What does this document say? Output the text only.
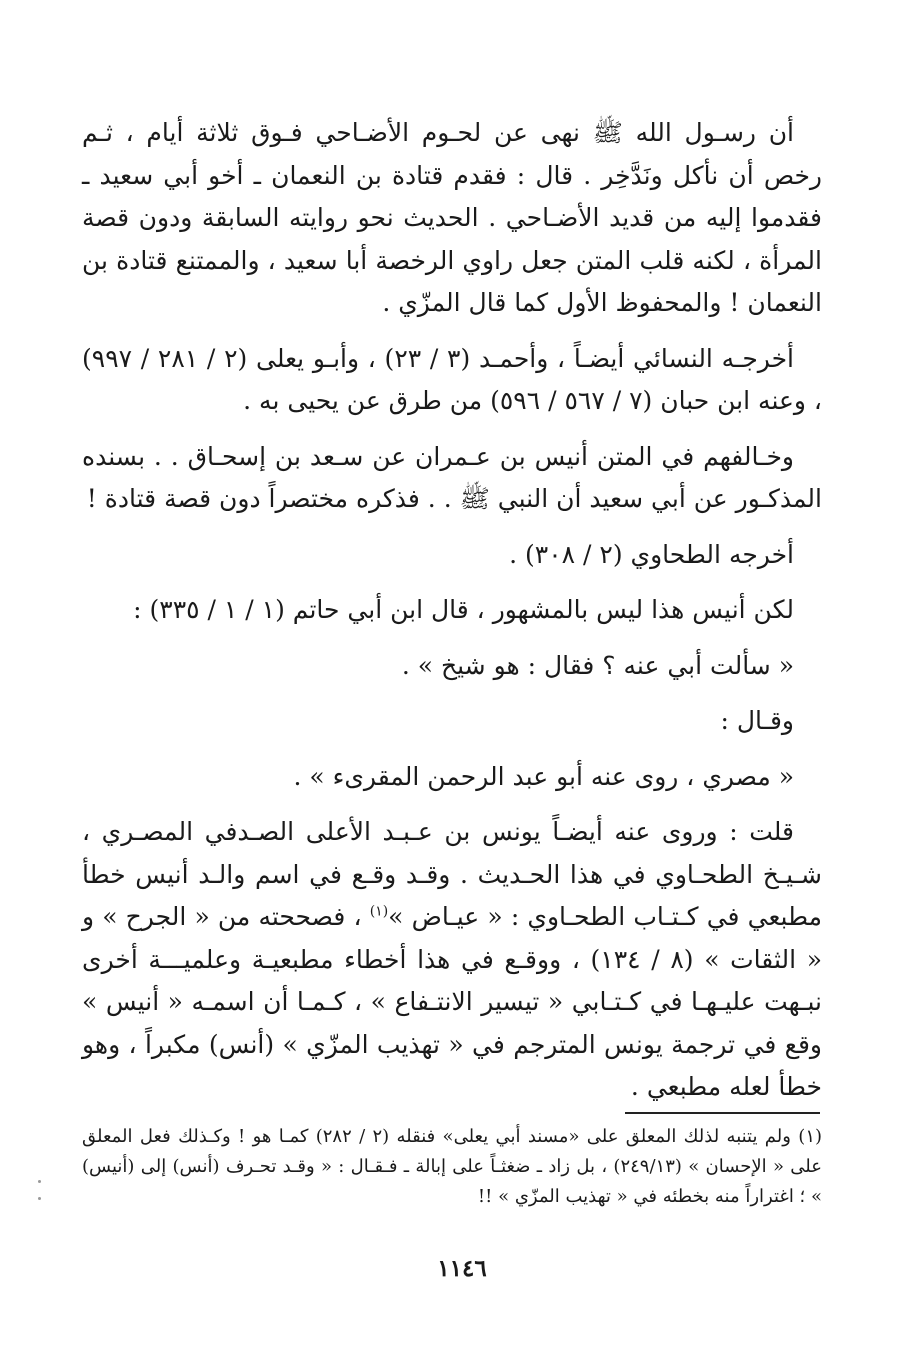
أن رسـول الله ﷺ نهى عن لحـوم الأضـاحي فـوق ثلاثة أيام ، ثـم رخص أن نأكل ونَدَّخِر . قال : فقدم قتادة بن النعمان ـ أخو أبي سعيد ـ فقدموا إليه من قديد الأضـاحي . الحديث نحو روايته السابقة ودون قصة المرأة ، لكنه قلب المتن جعل راوي الرخصة أبا سعيد ، والممتنع قتادة بن النعمان ! والمحفوظ الأول كما قال المزّي .

أخرجـه النسائي أيضـاً ، وأحمـد (٣ / ٢٣) ، وأبـو يعلى (٢ / ٢٨١ / ٩٩٧) ، وعنه ابن حبان (٧ / ٥٦٧ / ٥٩٦) من طرق عن يحيى به .

وخـالفهم في المتن أنيس بن عـمران عن سـعد بن إسحـاق . . بسنده المذكـور عن أبي سعيد أن النبي ﷺ . . فذكره مختصراً دون قصة قتادة !

أخرجه الطحاوي (٢ / ٣٠٨) .

لكن أنيس هذا ليس بالمشهور ، قال ابن أبي حاتم (١ / ١ / ٣٣٥) :

« سألت أبي عنه ؟ فقال : هو شيخ » .

وقـال :

« مصري ، روى عنه أبو عبد الرحمن المقرىء » .

قلت : وروى عنه أيضـاً يونس بن عـبـد الأعلى الصـدفي المصـري ، شـيـخ الطحـاوي في هذا الحـديث . وقـد وقـع في اسم والـد أنيس خطأ مطبعي في كـتـاب الطحـاوي : « عيـاض »$^{(١)}$ ، فصححته من « الجرح » و « الثقات » (٨ / ١٣٤) ، ووقـع في هذا أخطاء مطبعيـة وعلميـــة أخرى نبـهت عليـهـا في كـتـابي « تيسير الانتـفاع » ، كـمـا أن اسمـه « أنيس » وقع في ترجمة يونس المترجم في « تهذيب المزّي » (أنس) مكبراً ، وهو خطأ لعله مطبعي .

(١) ولم يتنبه لذلك المعلق على «مسند أبي يعلى» فنقله (٢ / ٢٨٢) كمـا هو ! وكـذلك فعل المعلق على « الإحسان » (٢٤٩/١٣) ، بل زاد ـ ضغثـاً على إبالة ـ فـقـال : « وقـد تحـرف (أنس) إلى (أنيس) » ؛ اغتراراً منه بخطئه في « تهذيب المزّي » !!

١١٤٦
